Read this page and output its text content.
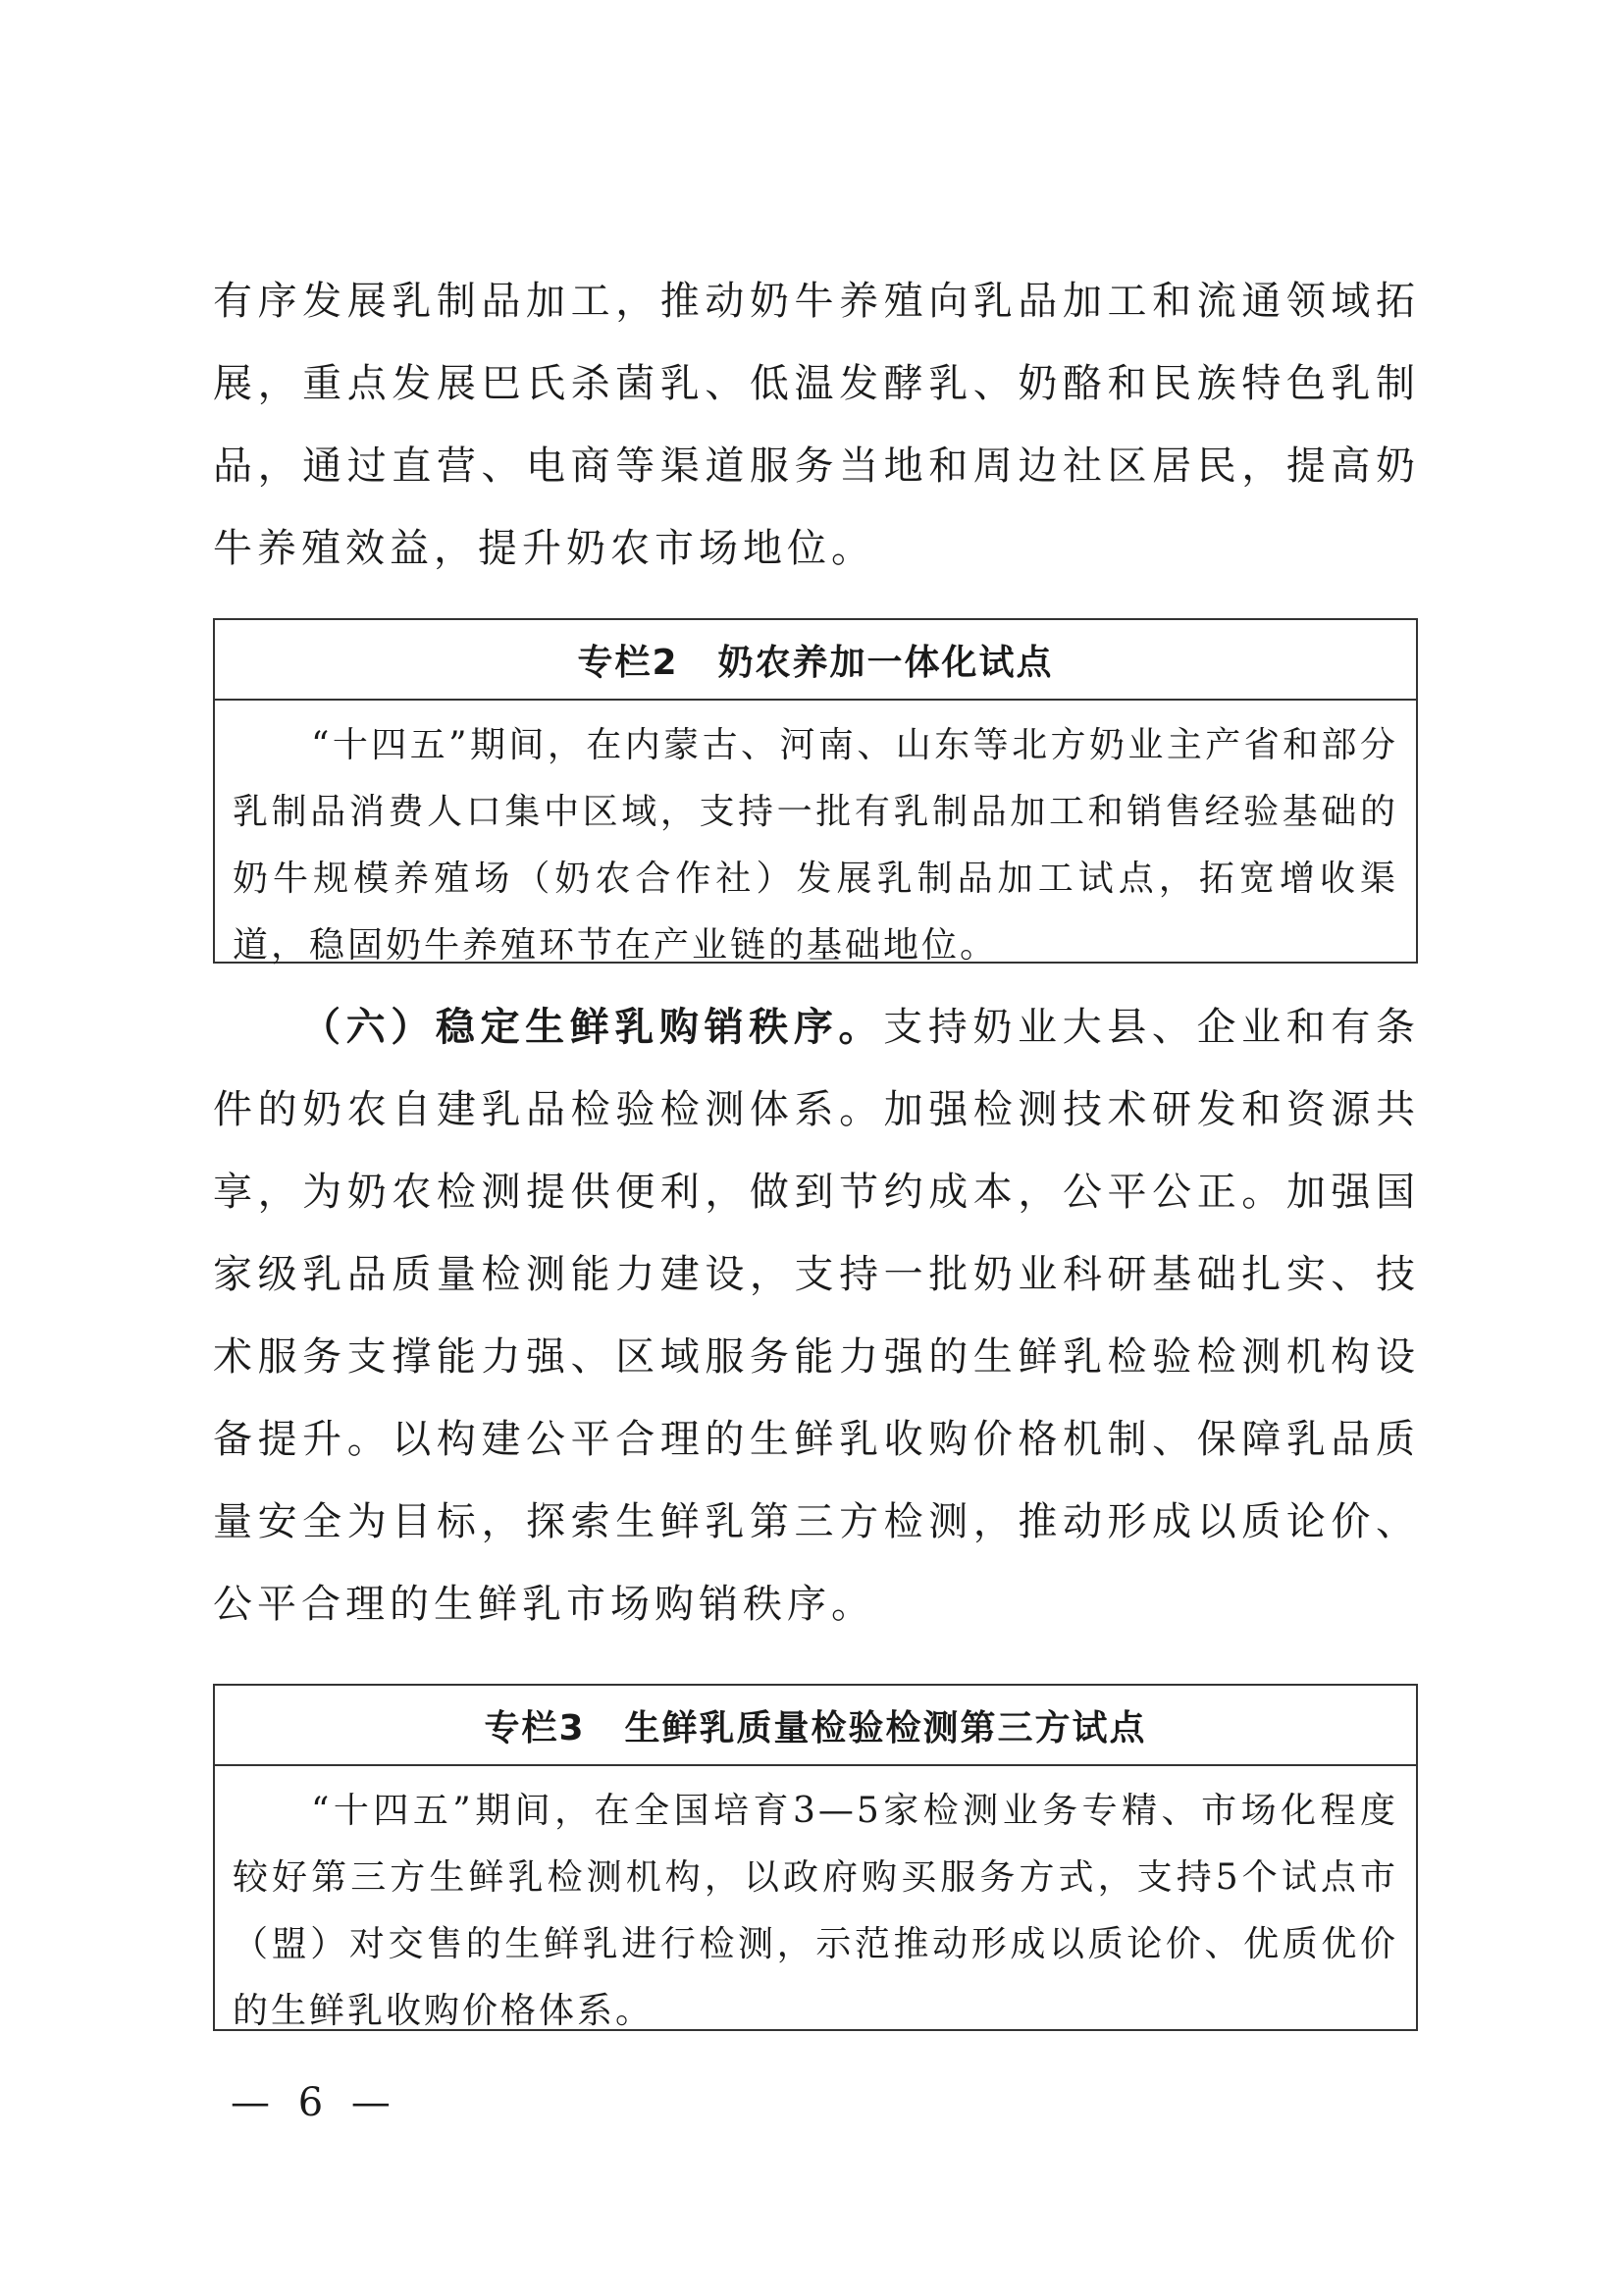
有序发展乳制品加工，推动奶牛养殖向乳品加工和流通领域拓展，重点发展巴氏杀菌乳、低温发酵乳、奶酪和民族特色乳制品，通过直营、电商等渠道服务当地和周边社区居民，提高奶牛养殖效益，提升奶农市场地位。

专栏2 奶农养加一体化试点
“十四五”期间，在内蒙古、河南、山东等北方奶业主产省和部分乳制品消费人口集中区域，支持一批有乳制品加工和销售经验基础的奶牛规模养殖场（奶农合作社）发展乳制品加工试点，拓宽增收渠道，稳固奶牛养殖环节在产业链的基础地位。

（六）稳定生鲜乳购销秩序。支持奶业大县、企业和有条件的奶农自建乳品检验检测体系。加强检测技术研发和资源共享，为奶农检测提供便利，做到节约成本，公平公正。加强国家级乳品质量检测能力建设，支持一批奶业科研基础扎实、技术服务支撑能力强、区域服务能力强的生鲜乳检验检测机构设备提升。以构建公平合理的生鲜乳收购价格机制、保障乳品质量安全为目标，探索生鲜乳第三方检测，推动形成以质论价、公平合理的生鲜乳市场购销秩序。

专栏3 生鲜乳质量检验检测第三方试点
“十四五”期间，在全国培育3—5家检测业务专精、市场化程度较好第三方生鲜乳检测机构，以政府购买服务方式，支持5个试点市（盟）对交售的生鲜乳进行检测，示范推动形成以质论价、优质优价的生鲜乳收购价格体系。
— 6 —
